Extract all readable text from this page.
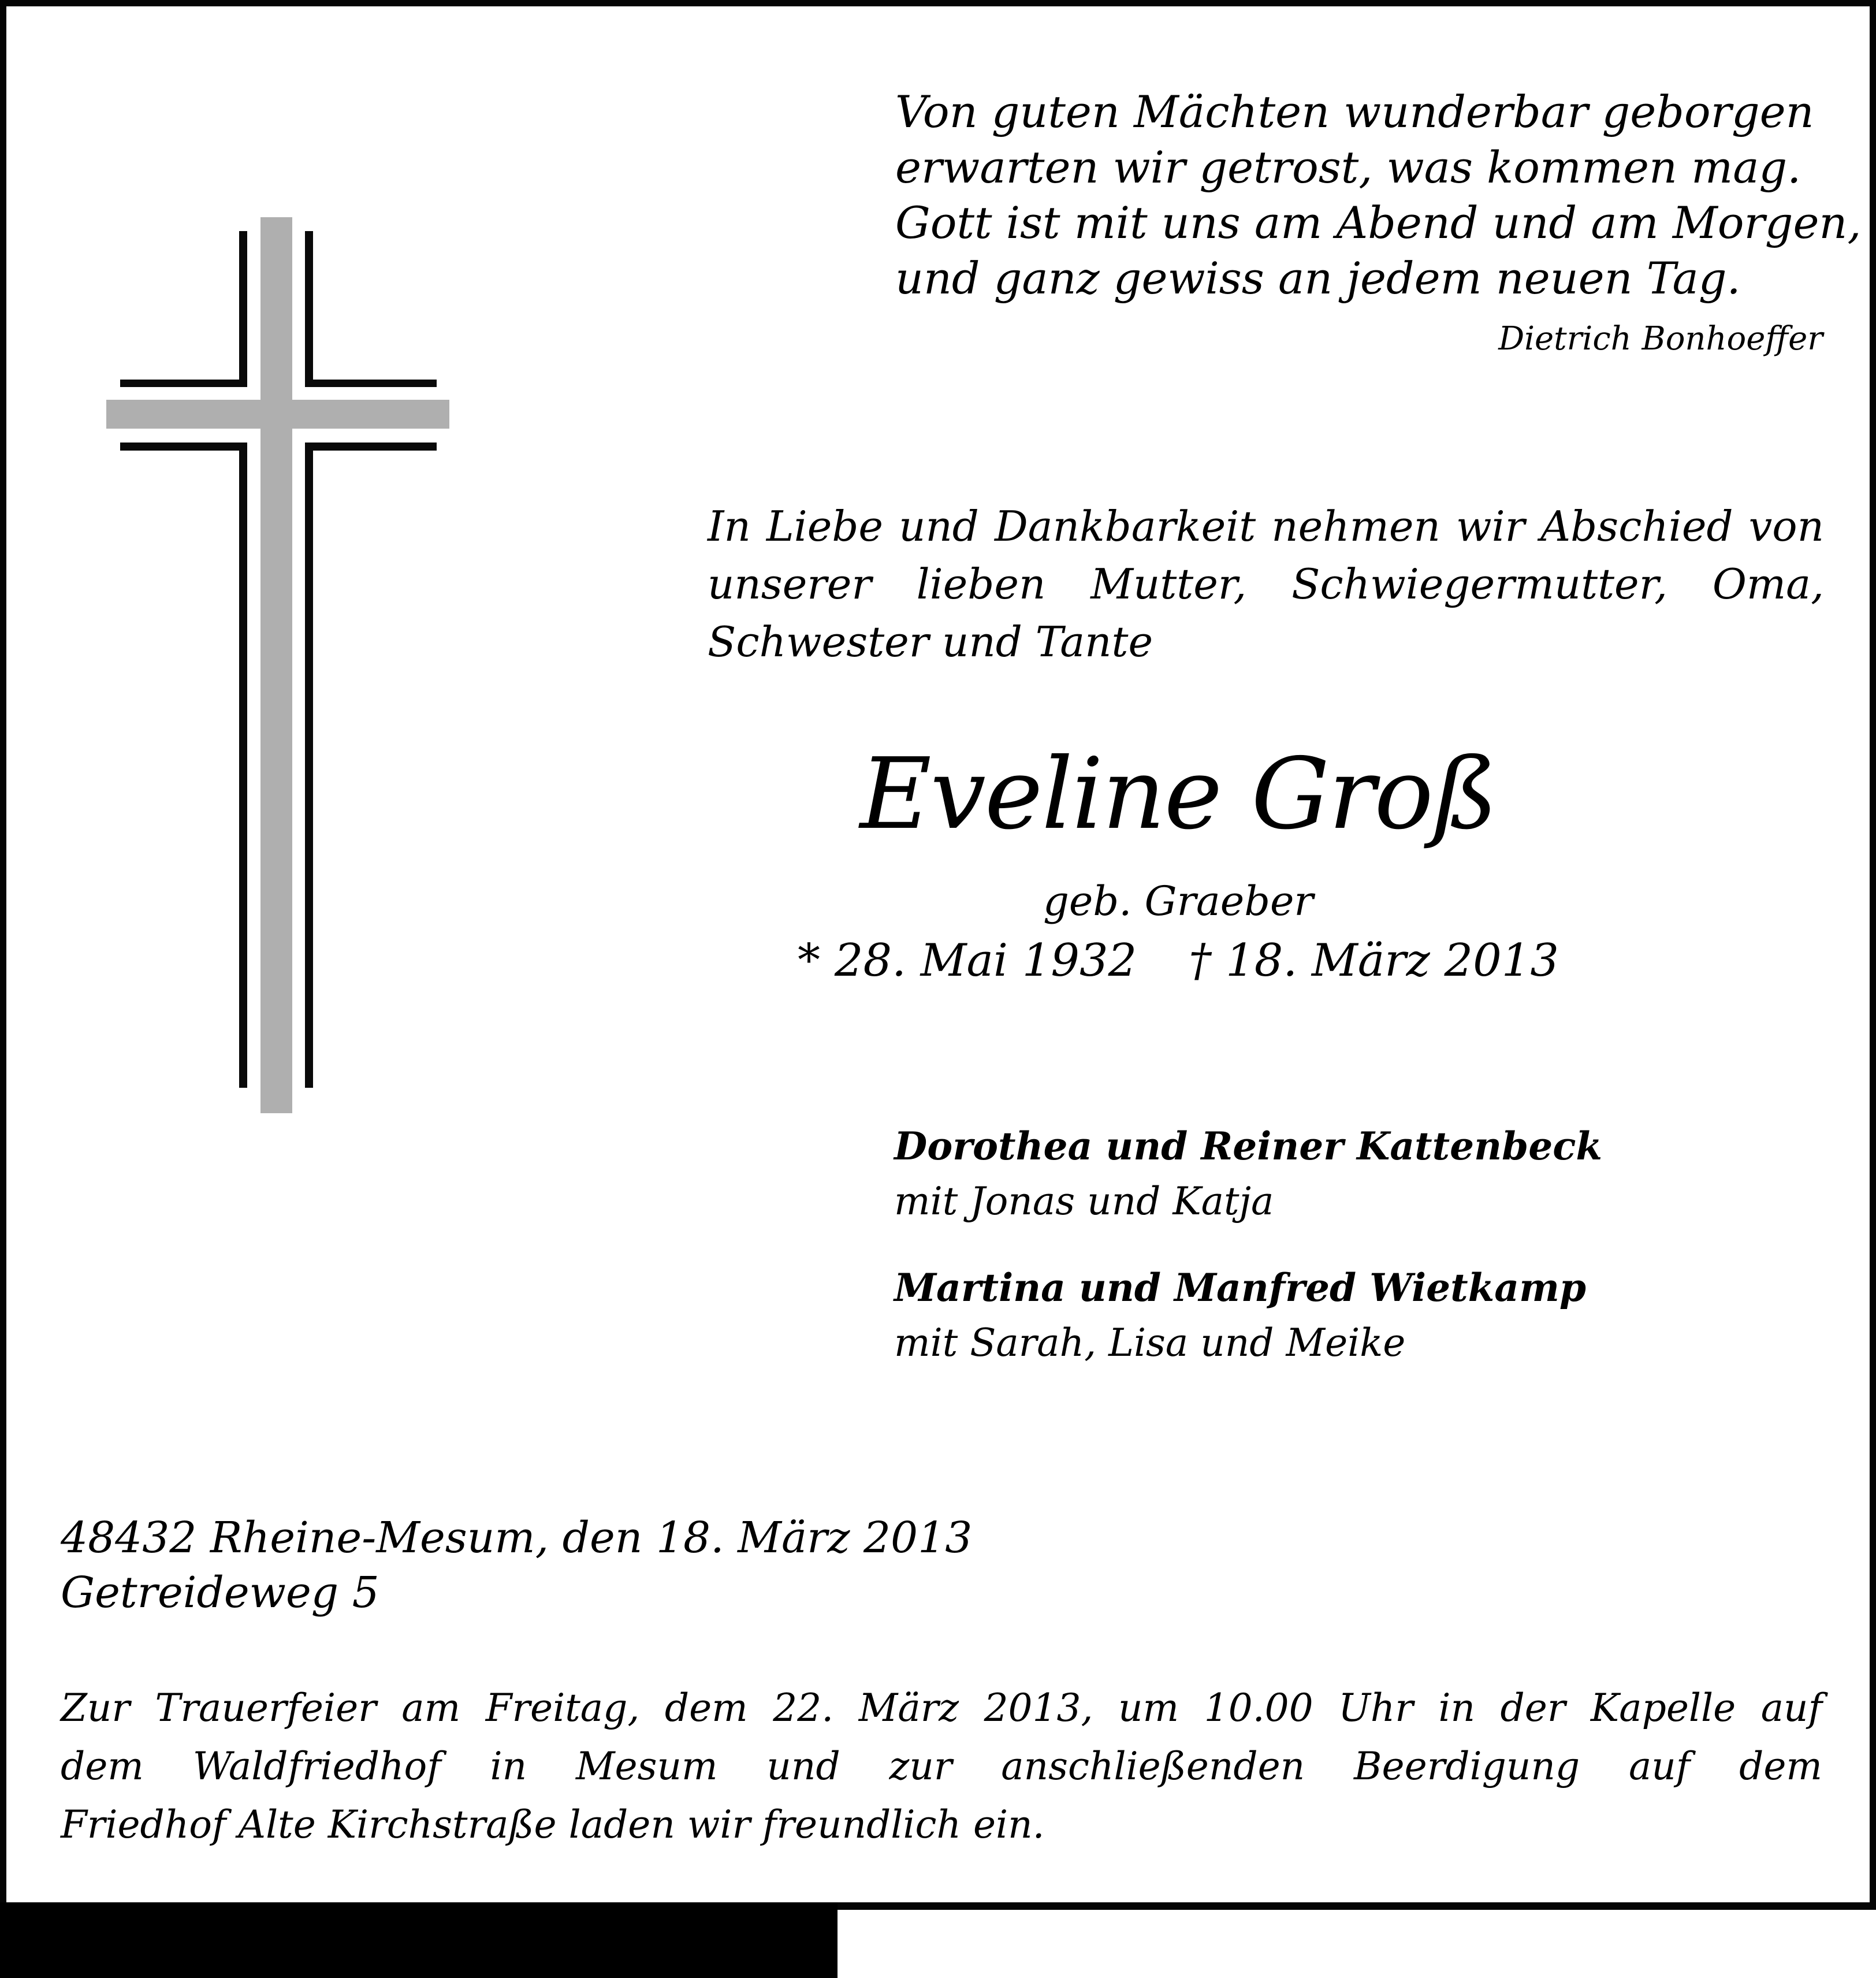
Von guten Mächten wunderbar geborgen
erwarten wir getrost, was kommen mag.
Gott ist mit uns am Abend und am Morgen,
und ganz gewiss an jedem neuen Tag.
Dietrich Bonhoeffer
In Liebe und Dankbarkeit nehmen wir Abschied von
unserer lieben Mutter, Schwiegermutter, Oma,
Schwester und Tante
Eveline Groß
geb. Graeber
* 28. Mai 1932 † 18. März 2013
Dorothea und Reiner Kattenbeck
mit Jonas und Katja
Martina und Manfred Wietkamp
mit Sarah, Lisa und Meike
48432 Rheine-Mesum, den 18. März 2013
Getreideweg 5
Zur Trauerfeier am Freitag, dem 22. März 2013, um 10.00 Uhr in der Kapelle auf
dem Waldfriedhof in Mesum und zur anschließenden Beerdigung auf dem
Friedhof Alte Kirchstraße laden wir freundlich ein.
